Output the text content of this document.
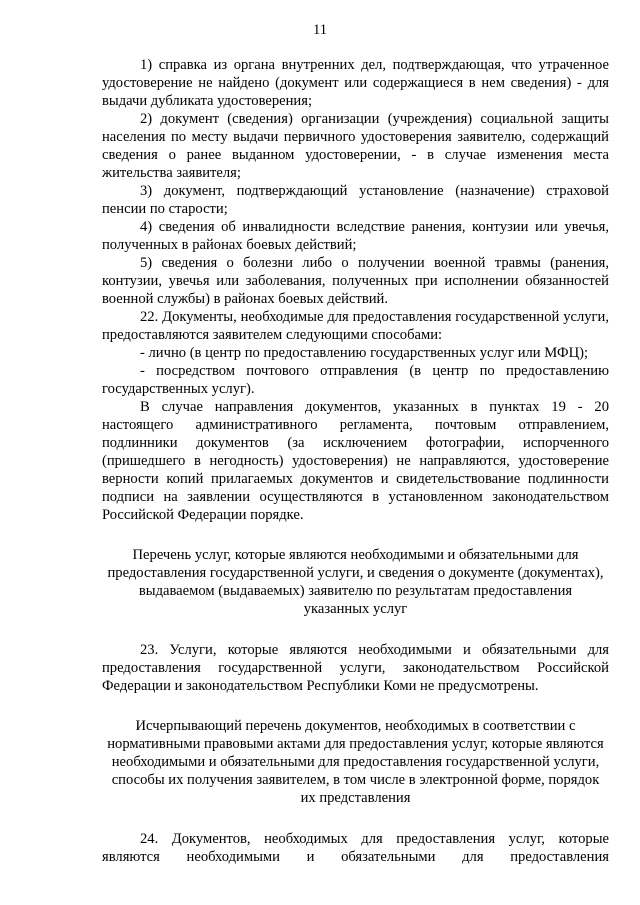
11

1) справка из органа внутренних дел, подтверждающая, что утраченное удостоверение не найдено (документ или содержащиеся в нем сведения) - для выдачи дубликата удостоверения;

2) документ (сведения) организации (учреждения) социальной защиты населения по месту выдачи первичного удостоверения заявителю, содержащий сведения о ранее выданном удостоверении, - в случае изменения места жительства заявителя;

3) документ, подтверждающий установление (назначение) страховой пенсии по старости;

4) сведения об инвалидности вследствие ранения, контузии или увечья, полученных в районах боевых действий;

5) сведения о болезни либо о получении военной травмы (ранения, контузии, увечья или заболевания, полученных при исполнении обязанностей военной службы) в районах боевых действий.

22. Документы, необходимые для предоставления государственной услуги, предоставляются заявителем следующими способами:

- лично (в центр по предоставлению государственных услуг или МФЦ);

- посредством почтового отправления (в центр по предоставлению государственных услуг).

В случае направления документов, указанных в пунктах 19 - 20 настоящего административного регламента, почтовым отправлением, подлинники документов (за исключением фотографии, испорченного (пришедшего в негодность) удостоверения) не направляются, удостоверение верности копий прилагаемых документов и свидетельствование подлинности подписи на заявлении осуществляются в установленном законодательством Российской Федерации порядке.

Перечень услуг, которые являются необходимыми и обязательными для предоставления государственной услуги, и сведения о документе (документах), выдаваемом (выдаваемых) заявителю по результатам предоставления указанных услуг

23. Услуги, которые являются необходимыми и обязательными для предоставления государственной услуги, законодательством Российской Федерации и законодательством Республики Коми не предусмотрены.

Исчерпывающий перечень документов, необходимых в соответствии с нормативными правовыми актами для предоставления услуг, которые являются необходимыми и обязательными для предоставления государственной услуги, способы их получения заявителем, в том числе в электронной форме, порядок их представления

24. Документов, необходимых для предоставления услуг, которые являются необходимыми и обязательными для предоставления
